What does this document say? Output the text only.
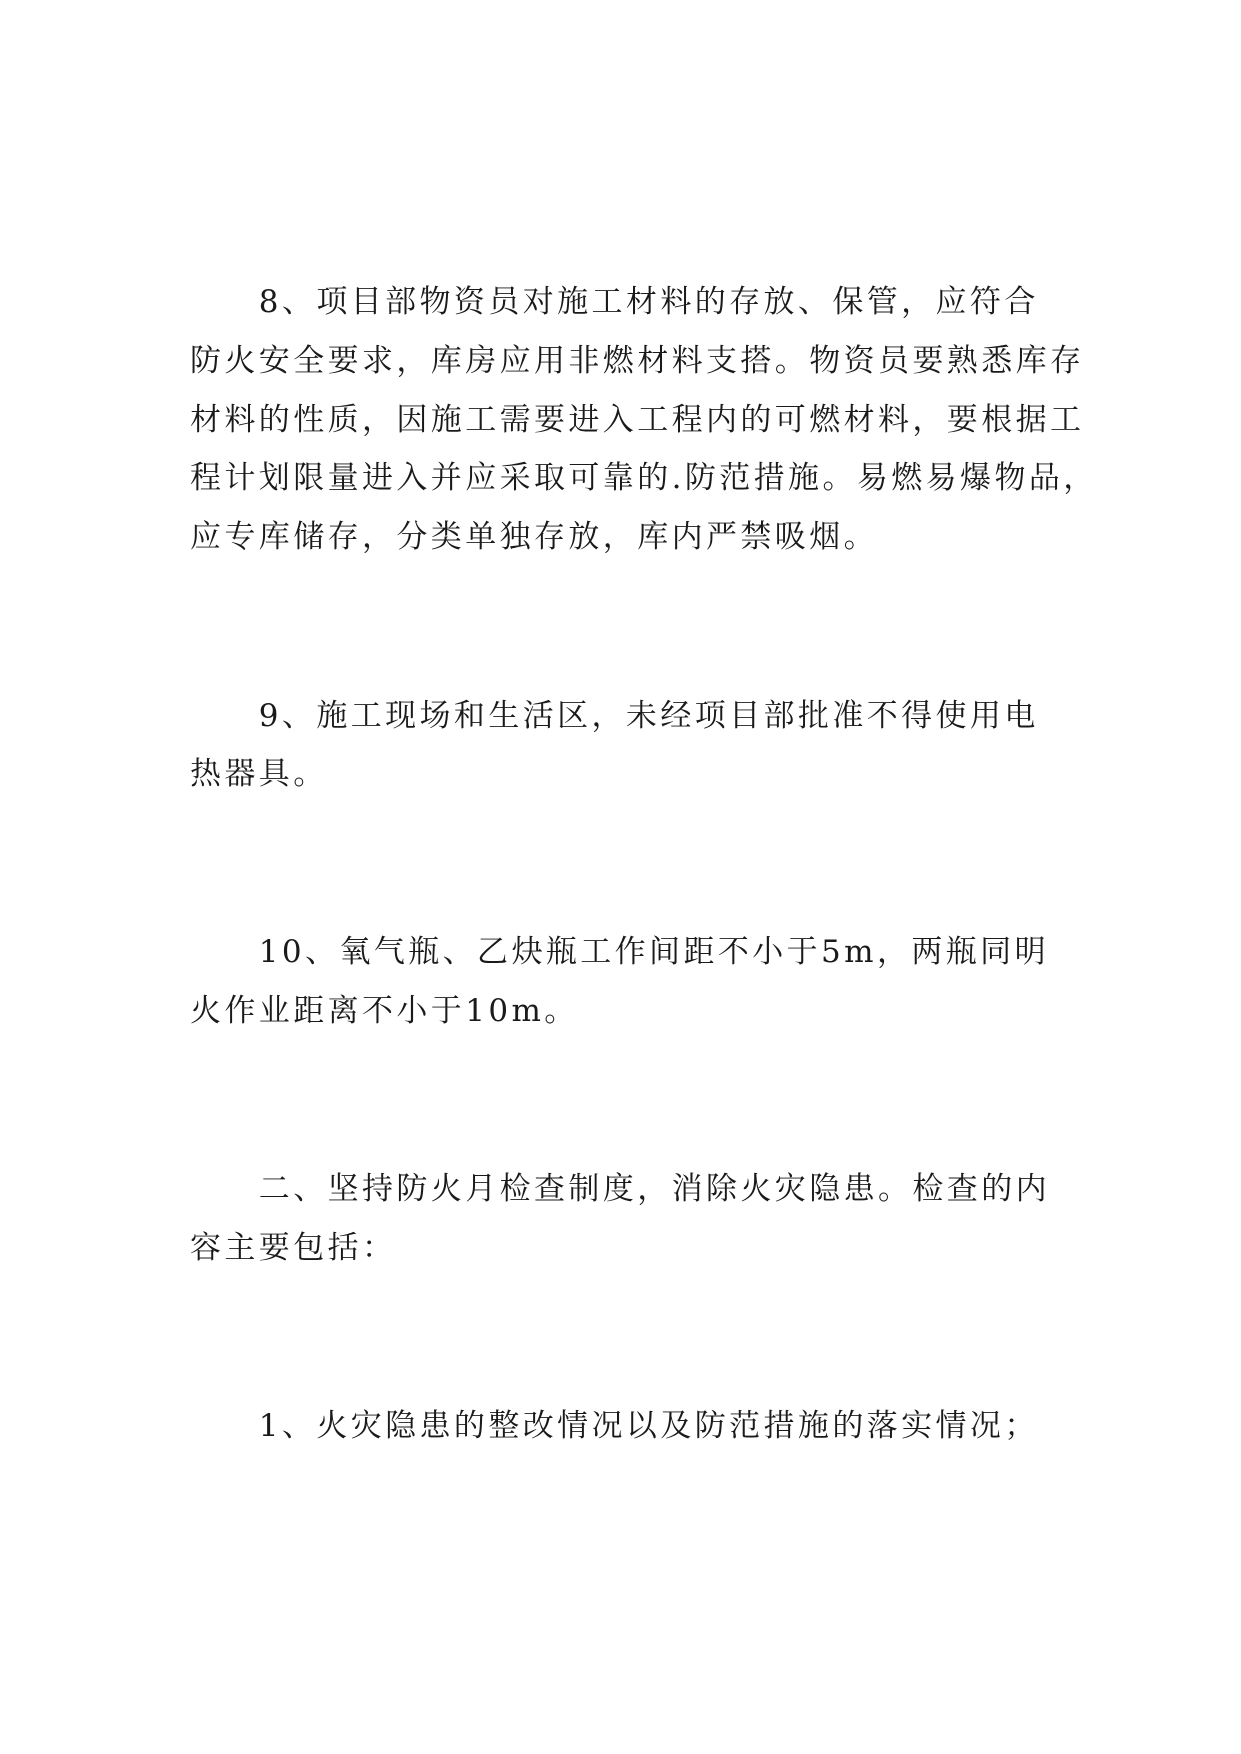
　　8、项目部物资员对施工材料的存放、保管，应符合
防火安全要求，库房应用非燃材料支搭。物资员要熟悉库存
材料的性质，因施工需要进入工程内的可燃材料，要根据工
程计划限量进入并应采取可靠的.防范措施。易燃易爆物品，
应专库储存，分类单独存放，库内严禁吸烟。
　　9、施工现场和生活区，未经项目部批准不得使用电
热器具。
　　10、氧气瓶、乙炔瓶工作间距不小于5m，两瓶同明
火作业距离不小于10m。
　　二、坚持防火月检查制度，消除火灾隐患。检查的内
容主要包括：
　　1、火灾隐患的整改情况以及防范措施的落实情况；
